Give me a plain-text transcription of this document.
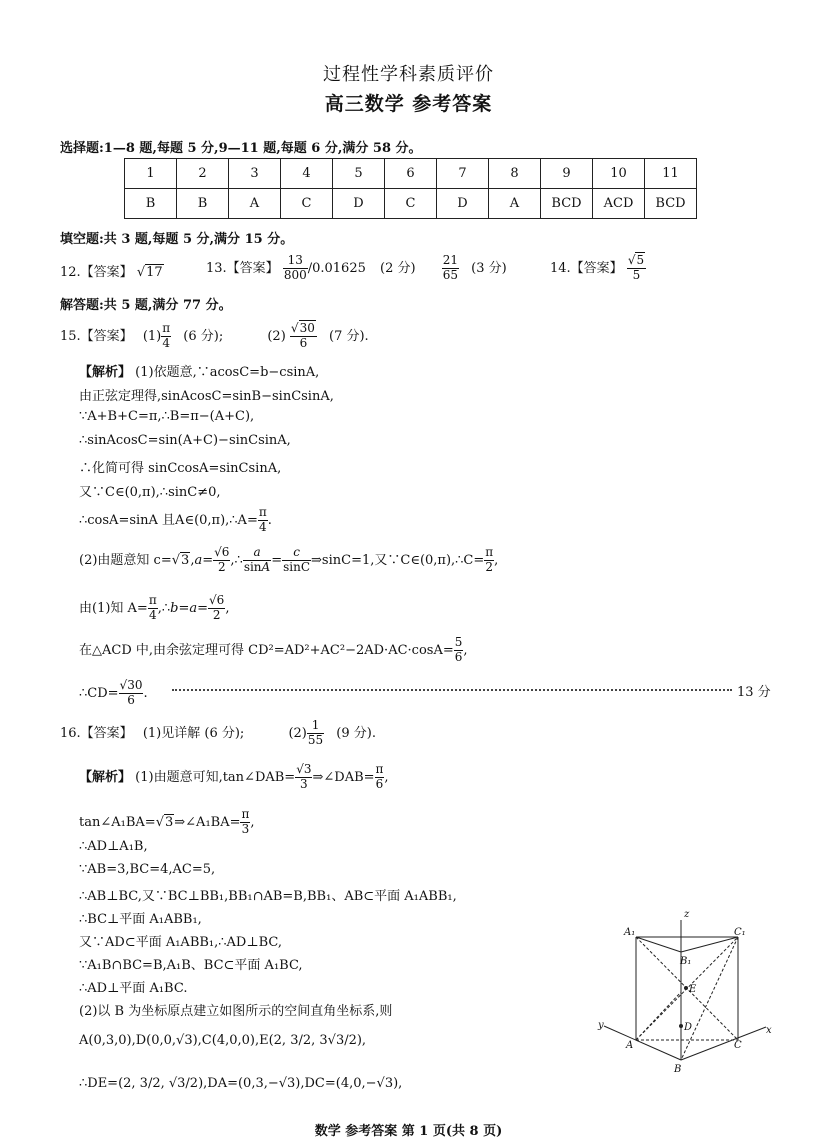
过程性学科素质评价
高三数学 参考答案
选择题:1—8 题,每题 5 分,9—11 题,每题 6 分,满分 58 分。
1	2	3	4	5	6	7	8	9	10	11
B	B	A	C	D	C	D	A	BCD	ACD	BCD
填空题:共 3 题,每题 5 分,满分 15 分。
12.【答案】 √17	13.【答案】 $\frac{13}{800} /0.01625$ (2 分) $\frac{21}{65} (3$ 分)	14.【答案】 $\frac{√5}{5}$
解答题:共 5 题,满分 77 分。
15.【答案】 $(1) \frac{\pi}{4} (6$ 分);	$(2) \frac{√30}{6} (7$ 分).
【解析】 (1)依题意,∵acosC=b−csinA,
由正弦定理得,sinAcosC=sinB−sinCsinA,
∵A+B+C=π,∴B=π−(A+C),
∴sinAcosC=sin(A+C)−sinCsinA,
∴化简可得 sinCcosA=sinCsinA,
又∵C∈(0,π),∴sinC≠0,
∴cosA=sinA 且A∈(0,π),∴A= $\frac{\pi}{4}$ .
(2)由题意知 $c=√3,a= \frac{√6}{2}$ ,∴ $\frac{a}{\sin A} = \frac{c}{\sin C}$ ⇒sinC=1,又∵C∈(0,π),∴C= $\frac{\pi}{2}$ ,
由(1)知 $A= \frac{\pi}{4}$ ,∴b=a= $\frac{√6}{2}$ ,
在△ACD 中,由余弦定理可得 $CD^2=AD^2+AC^2-2AD\cdot AC\cdot\cos A= \frac{5}{6}$ ,
∴CD= $\frac{√30}{6}$ .	13 分
16.【答案】 (1)见详解 (6 分);	$(2) \frac{1}{55} (9$ 分).
【解析】 (1)由题意可知,tan∠DAB= $\frac{√3}{3}$ ⇒∠DAB= $\frac{\pi}{6}$ ,
tan∠A₁BA=√3⇒∠A₁BA= $\frac{\pi}{3}$ ,
∴AD⊥A₁B,
∵AB=3,BC=4,AC=5,
∴AB⊥BC,又∵BC⊥BB₁,BB₁∩AB=B,BB₁、AB⊂平面 A₁ABB₁,
∴BC⊥平面 A₁ABB₁,
又∵AD⊂平面 A₁ABB₁,∴AD⊥BC,
∵A₁B∩BC=B,A₁B、BC⊂平面 A₁BC,
∴AD⊥平面 A₁BC.
(2)以 B 为坐标原点建立如图所示的空间直角坐标系,则
A(0,3,0),D(0,0,√3),C(4,0,0),E(2, 3/2, 3√3/2),
∴DE=(2, 3/2, √3/2),DA=(0,3,−√3),DC=(4,0,−√3),
z
A₁	C₁
B₁
E
D
A
B
C
y	x
数学 参考答案 第 1 页(共 8 页)
